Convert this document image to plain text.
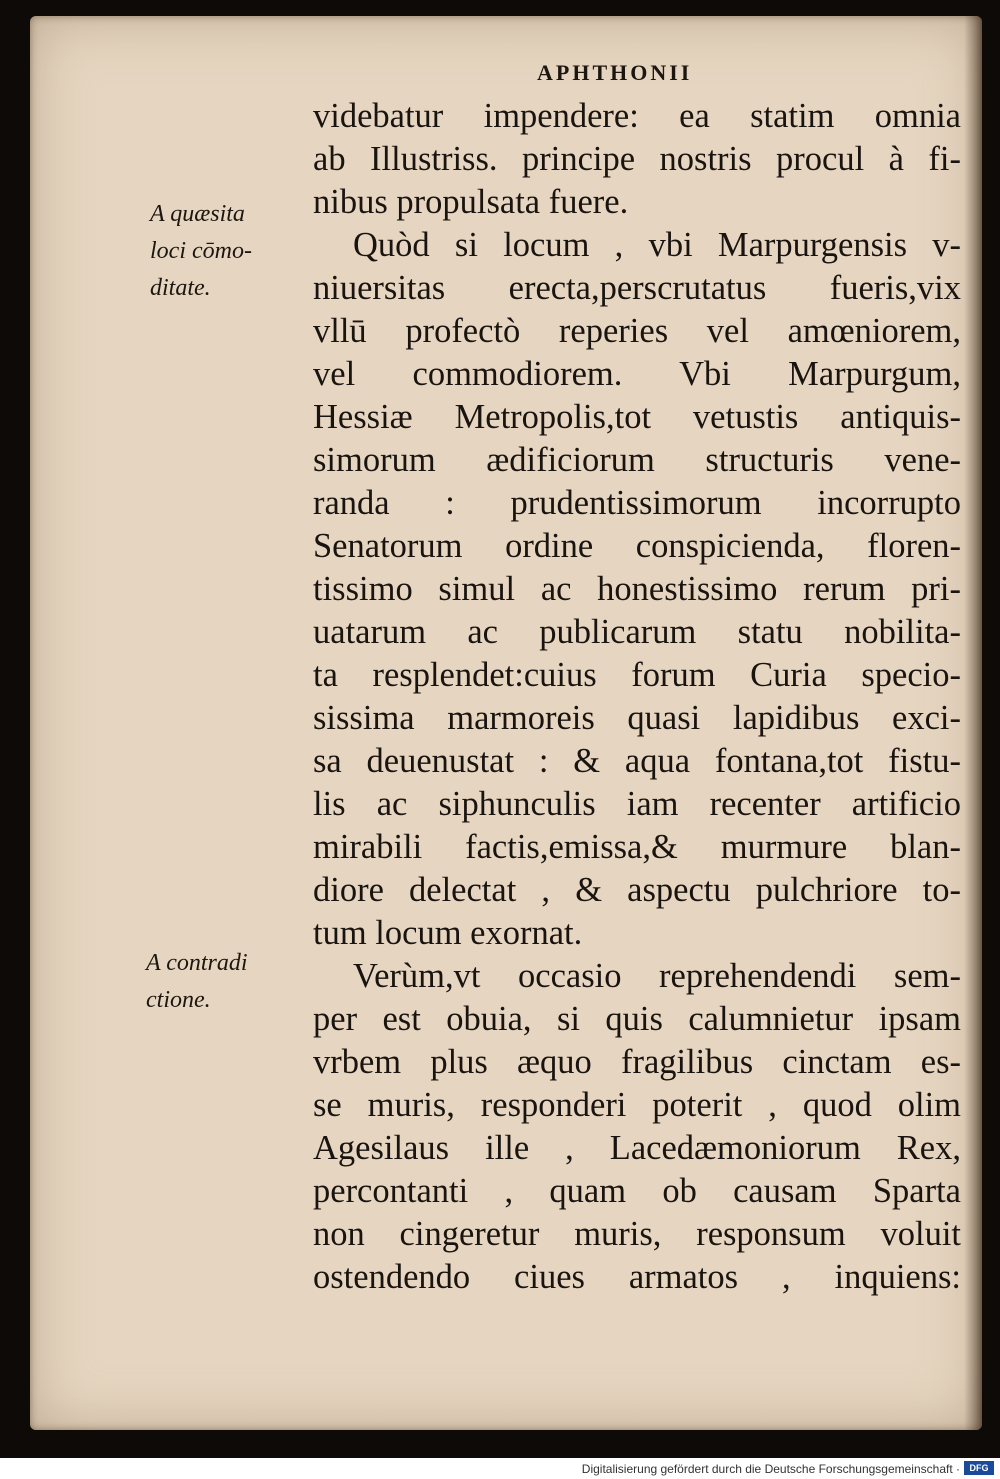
APHTHONII
A quæsita
loci cōmo-
ditate.
A contradi
ctione.
videbatur impendere: ea statim omnia
ab Illustriss. principe nostris procul à fi-
nibus propulsata fuere.
Quòd si locum , vbi Marpurgensis v-
niuersitas erecta,perscrutatus fueris,vix
vllū profectò reperies vel amœniorem,
vel commodiorem. Vbi Marpurgum,
Hessiæ Metropolis,tot vetustis antiquis-
simorum ædificiorum structuris vene-
randa : prudentissimorum incorrupto
Senatorum ordine conspicienda, floren-
tissimo simul ac honestissimo rerum pri-
uatarum ac publicarum statu nobilita-
ta resplendet:cuius forum Curia specio-
sissima marmoreis quasi lapidibus exci-
sa deuenustat : & aqua fontana,tot fistu-
lis ac siphunculis iam recenter artificio
mirabili factis,emissa,& murmure blan-
diore delectat , & aspectu pulchriore to-
tum locum exornat.
Verùm,vt occasio reprehendendi sem-
per est obuia, si quis calumnietur ipsam
vrbem plus æquo fragilibus cinctam es-
se muris, responderi poterit , quod olim
Agesilaus ille , Lacedæmoniorum Rex,
percontanti , quam ob causam Sparta
non cingeretur muris, responsum voluit
ostendendo ciues armatos , inquiens:
Digitalisierung gefördert durch die Deutsche Forschungsgemeinschaft ·	DFG
